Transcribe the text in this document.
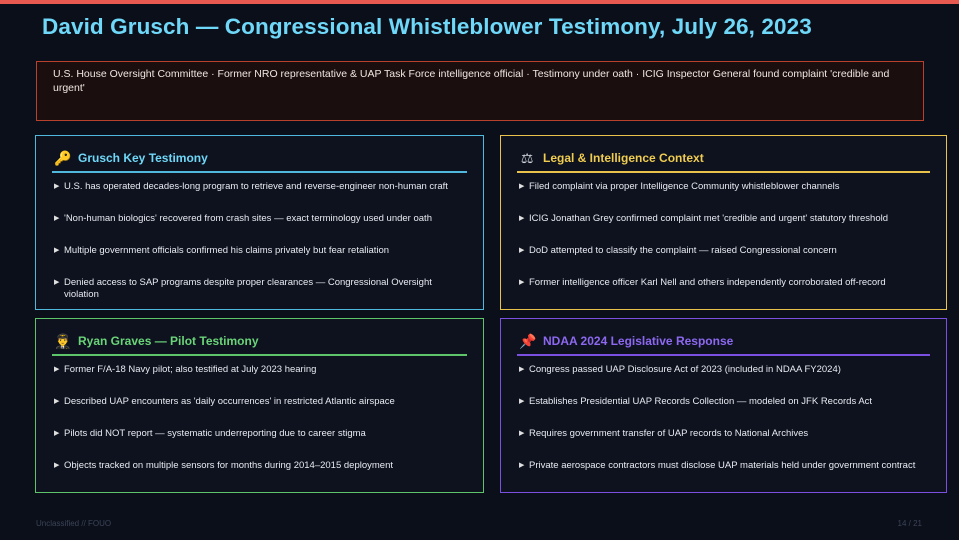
David Grusch — Congressional Whistleblower Testimony, July 26, 2023
U.S. House Oversight Committee · Former NRO representative & UAP Task Force intelligence official · Testimony under oath · ICIG Inspector General found complaint 'credible and urgent'
🔑 Grusch Key Testimony
▶ U.S. has operated decades-long program to retrieve and reverse-engineer non-human craft
▶ 'Non-human biologics' recovered from crash sites — exact terminology used under oath
▶ Multiple government officials confirmed his claims privately but fear retaliation
▶ Denied access to SAP programs despite proper clearances — Congressional Oversight violation
⚖ Legal & Intelligence Context
▶ Filed complaint via proper Intelligence Community whistleblower channels
▶ ICIG Jonathan Grey confirmed complaint met 'credible and urgent' statutory threshold
▶ DoD attempted to classify the complaint — raised Congressional concern
▶ Former intelligence officer Karl Nell and others independently corroborated off-record
👨‍✈️ Ryan Graves — Pilot Testimony
▶ Former F/A-18 Navy pilot; also testified at July 2023 hearing
▶ Described UAP encounters as 'daily occurrences' in restricted Atlantic airspace
▶ Pilots did NOT report — systematic underreporting due to career stigma
▶ Objects tracked on multiple sensors for months during 2014–2015 deployment
📌 NDAA 2024 Legislative Response
▶ Congress passed UAP Disclosure Act of 2023 (included in NDAA FY2024)
▶ Establishes Presidential UAP Records Collection — modeled on JFK Records Act
▶ Requires government transfer of UAP records to National Archives
▶ Private aerospace contractors must disclose UAP materials held under government contract
Unclassified // FOUO	14 / 21
